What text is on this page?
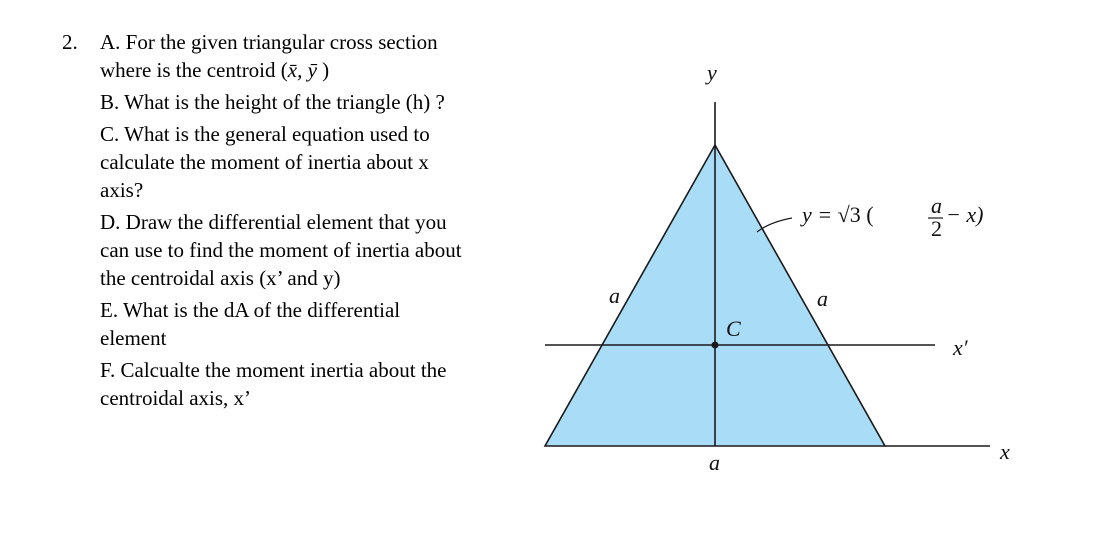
2. A. For the given triangular cross section
where is the centroid (x̄, ȳ )

B. What is the height of the triangle (h) ?

C. What is the general equation used to
calculate the moment of inertia about x
axis?

D. Draw the differential element that you
can use to find the moment of inertia about
the centroidal axis (x’ and y)

E. What is the dA of the differential
element

F. Calcualte the moment inertia about the
centroidal axis, x’

y
x
x′
C
a	a
a
y = √3 (	a
2
− x)
